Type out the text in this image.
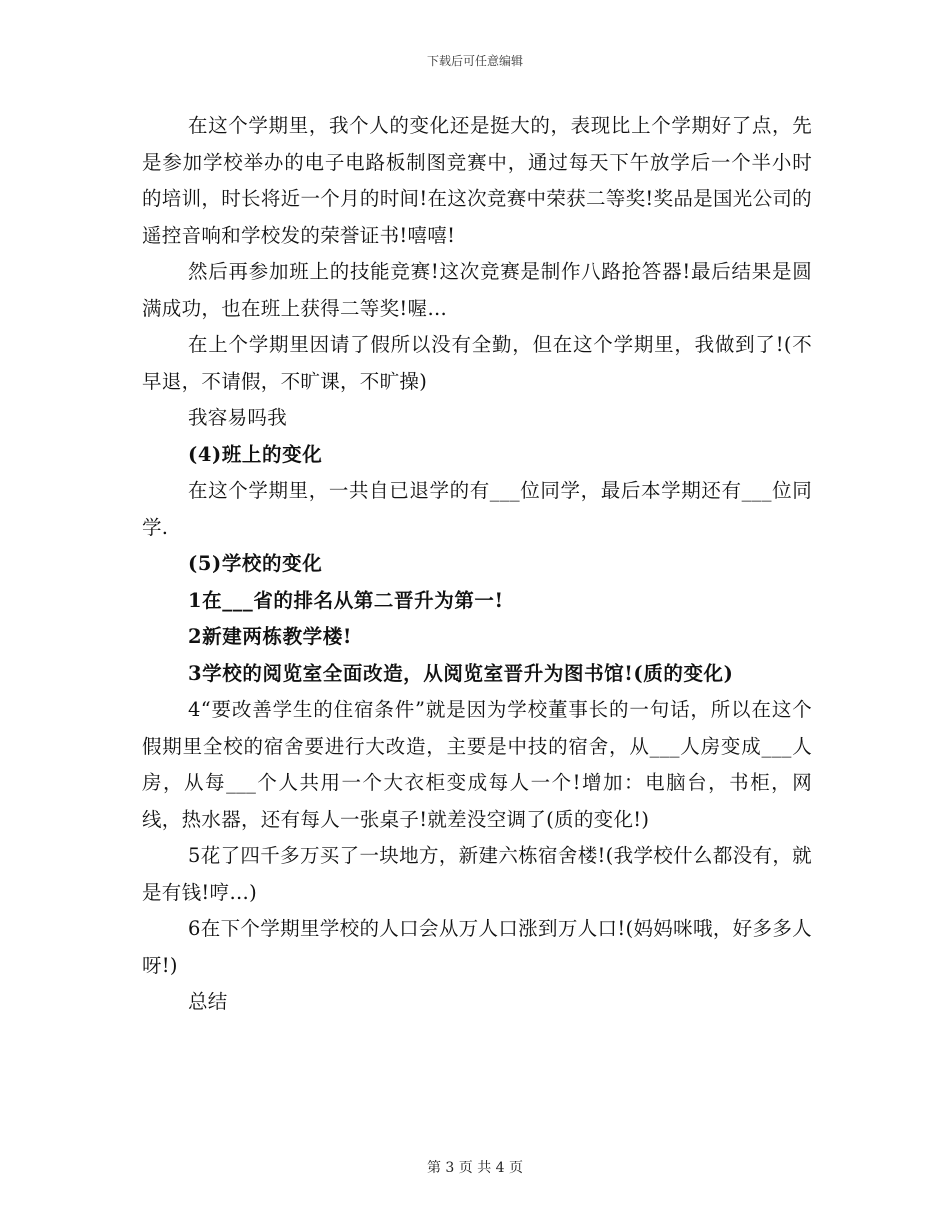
下载后可任意编辑

在这个学期里，我个人的变化还是挺大的，表现比上个学期好了点，先是参加学校举办的电子电路板制图竞赛中，通过每天下午放学后一个半小时的培训，时长将近一个月的时间!在这次竞赛中荣获二等奖!奖品是国光公司的遥控音响和学校发的荣誉证书!嘻嘻!

然后再参加班上的技能竞赛!这次竞赛是制作八路抢答器!最后结果是圆满成功，也在班上获得二等奖!喔…

在上个学期里因请了假所以没有全勤，但在这个学期里，我做到了!(不早退，不请假，不旷课，不旷操)

我容易吗我

(4)班上的变化

在这个学期里，一共自已退学的有___位同学，最后本学期还有___位同学.

(5)学校的变化

1在___省的排名从第二晋升为第一!

2新建两栋教学楼!

3学校的阅览室全面改造，从阅览室晋升为图书馆!(质的变化)

4“要改善学生的住宿条件”就是因为学校董事长的一句话，所以在这个假期里全校的宿舍要进行大改造，主要是中技的宿舍，从___人房变成___人房，从每___个人共用一个大衣柜变成每人一个!增加：电脑台，书柜，网线，热水器，还有每人一张桌子!就差没空调了(质的变化!)

5花了四千多万买了一块地方，新建六栋宿舍楼!(我学校什么都没有，就是有钱!哼…)

6在下个学期里学校的人口会从万人口涨到万人口!(妈妈咪哦，好多多人呀!)

总结

第 3 页 共 4 页
